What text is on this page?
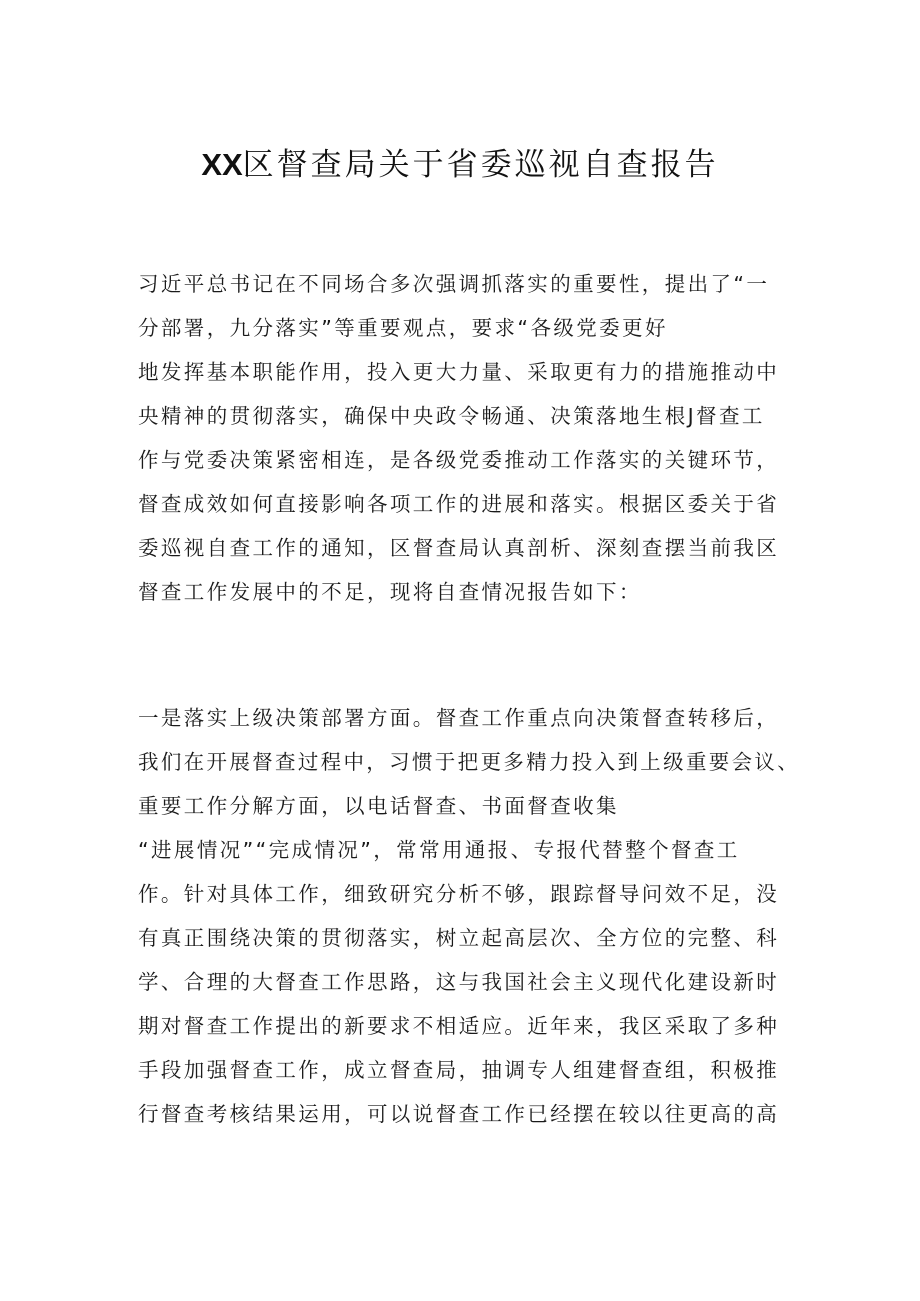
XX区督查局关于省委巡视自查报告
习近平总书记在不同场合多次强调抓落实的重要性，提出了“一
分部署，九分落实”等重要观点，要求“各级党委更好
地发挥基本职能作用，投入更大力量、采取更有力的措施推动中
央精神的贯彻落实，确保中央政令畅通、决策落地生根J督查工
作与党委决策紧密相连，是各级党委推动工作落实的关键环节，
督查成效如何直接影响各项工作的进展和落实。根据区委关于省
委巡视自查工作的通知，区督查局认真剖析、深刻查摆当前我区
督查工作发展中的不足，现将自查情况报告如下：
一是落实上级决策部署方面。督查工作重点向决策督查转移后，
我们在开展督查过程中，习惯于把更多精力投入到上级重要会议、
重要工作分解方面，以电话督查、书面督查收集
“进展情况”“完成情况”，常常用通报、专报代替整个督查工
作。针对具体工作，细致研究分析不够，跟踪督导问效不足，没
有真正围绕决策的贯彻落实，树立起高层次、全方位的完整、科
学、合理的大督查工作思路，这与我国社会主义现代化建设新时
期对督查工作提出的新要求不相适应。近年来，我区采取了多种
手段加强督查工作，成立督查局，抽调专人组建督查组，积极推
行督查考核结果运用，可以说督查工作已经摆在较以往更高的高
